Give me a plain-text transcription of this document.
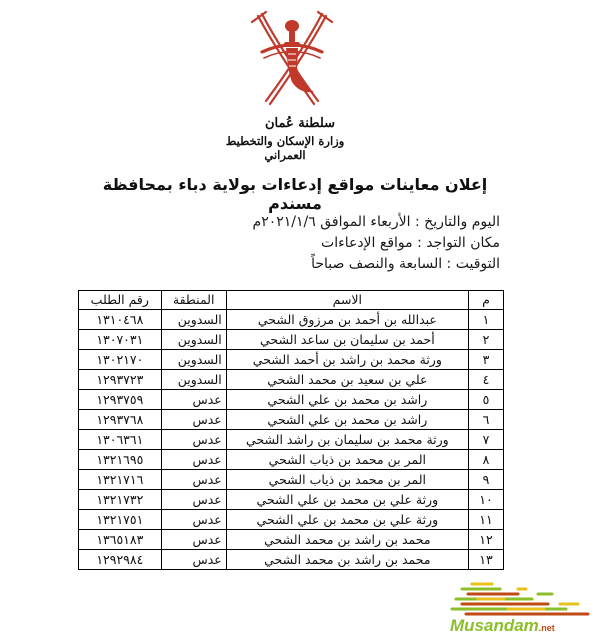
سلطنة عُمان
وزارة الإسكان والتخطيط العمراني
إعلان معاينات مواقع إدعاءات بولاية دباء بمحافظة مسندم
اليوم والتاريخ : الأربعاء الموافق ٢٠٢١/١/٦م
مكان التواجد : مواقع الإدعاءات
التوقيت : السابعة والنصف صباحاً
م	الاسم	المنطقة	رقم الطلب
١	عبدالله بن أحمد بن مرزوق الشحي	السدوين	١٣١٠٤٦٨
٢	أحمد بن سليمان بن ساعد الشحي	السدوين	١٣٠٧٠٣١
٣	ورثة محمد بن راشد بن أحمد الشحي	السدوين	١٣٠٢١٧٠
٤	علي بن سعيد بن محمد الشحي	السدوين	١٢٩٣٧٢٣
٥	راشد بن محمد بن علي الشحي	عدس	١٢٩٣٧٥٩
٦	راشد بن محمد بن علي الشحي	عدس	١٢٩٣٧٦٨
٧	ورثة محمد بن سليمان بن راشد الشحي	عدس	١٣٠٦٣٦١
٨	المر بن محمد بن ذياب الشحي	عدس	١٣٢١٦٩٥
٩	المر بن محمد بن ذياب الشحي	عدس	١٣٢١٧١٦
١٠	ورثة علي بن محمد بن علي الشحي	عدس	١٣٢١٧٣٢
١١	ورثة علي بن محمد بن علي الشحي	عدس	١٣٢١٧٥١
١٢	محمد بن راشد بن محمد الشحي	عدس	١٣٦٥١٨٣
١٣	محمد بن راشد بن محمد الشحي	عدس	١٢٩٢٩٨٤
Musandam.net
